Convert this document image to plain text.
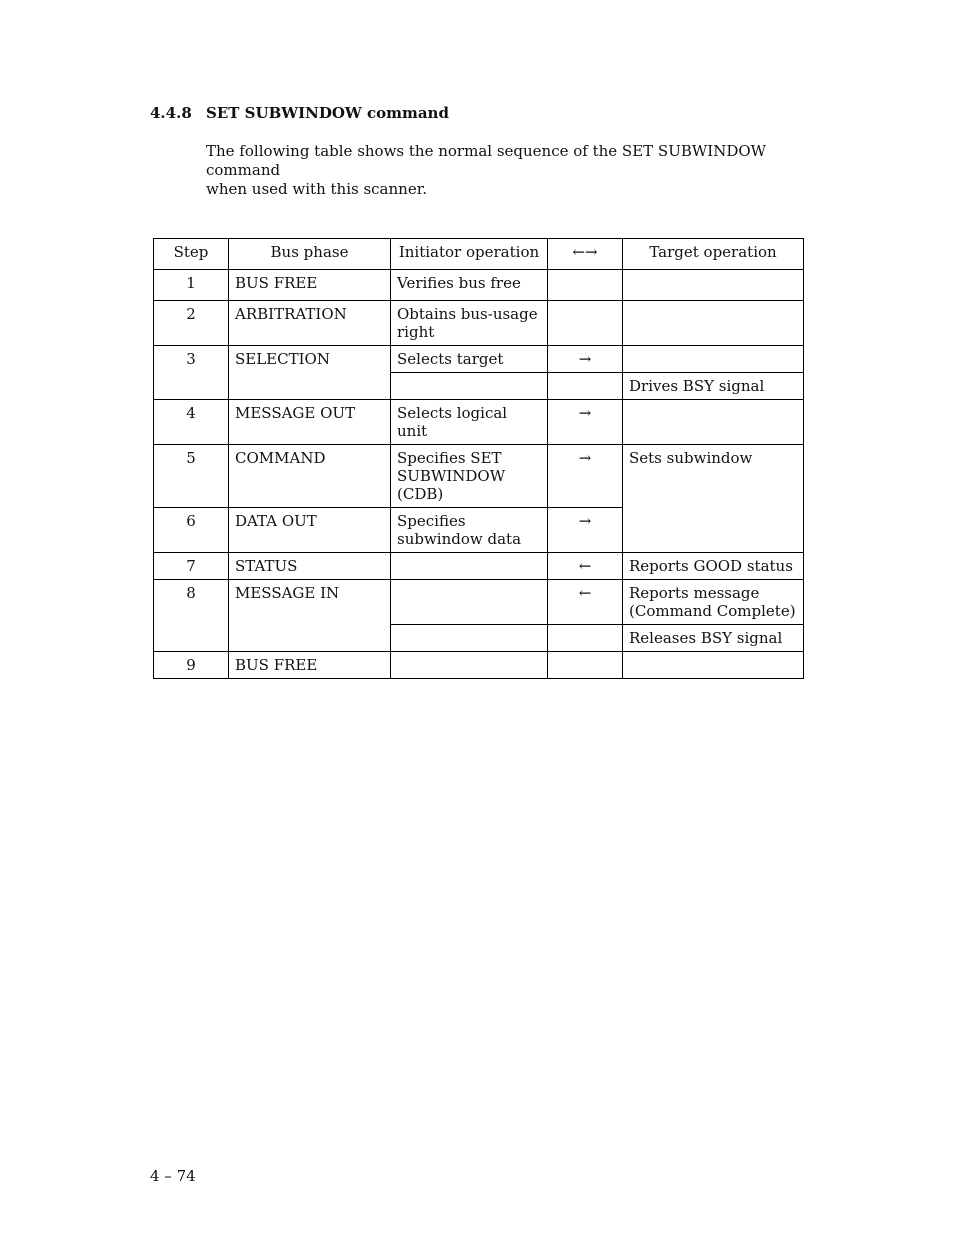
4.4.8 SET SUBWINDOW command

The following table shows the normal sequence of the SET SUBWINDOW command

when used with this scanner.

Step	Bus phase	Initiator operation	←→	Target operation
1	BUS FREE	Verifies bus free		
2	ARBITRATION	Obtains bus-usage right		
3	SELECTION	Selects target	→	
				Drives BSY signal
4	MESSAGE OUT	Selects logical unit	→	
5	COMMAND	Specifies SET SUBWINDOW (CDB)	→	Sets subwindow
6	DATA OUT	Specifies subwindow data	→	
7	STATUS		←	Reports GOOD status
8	MESSAGE IN		←	Reports message (Command Complete)
				Releases BSY signal
9	BUS FREE			
4 – 74
